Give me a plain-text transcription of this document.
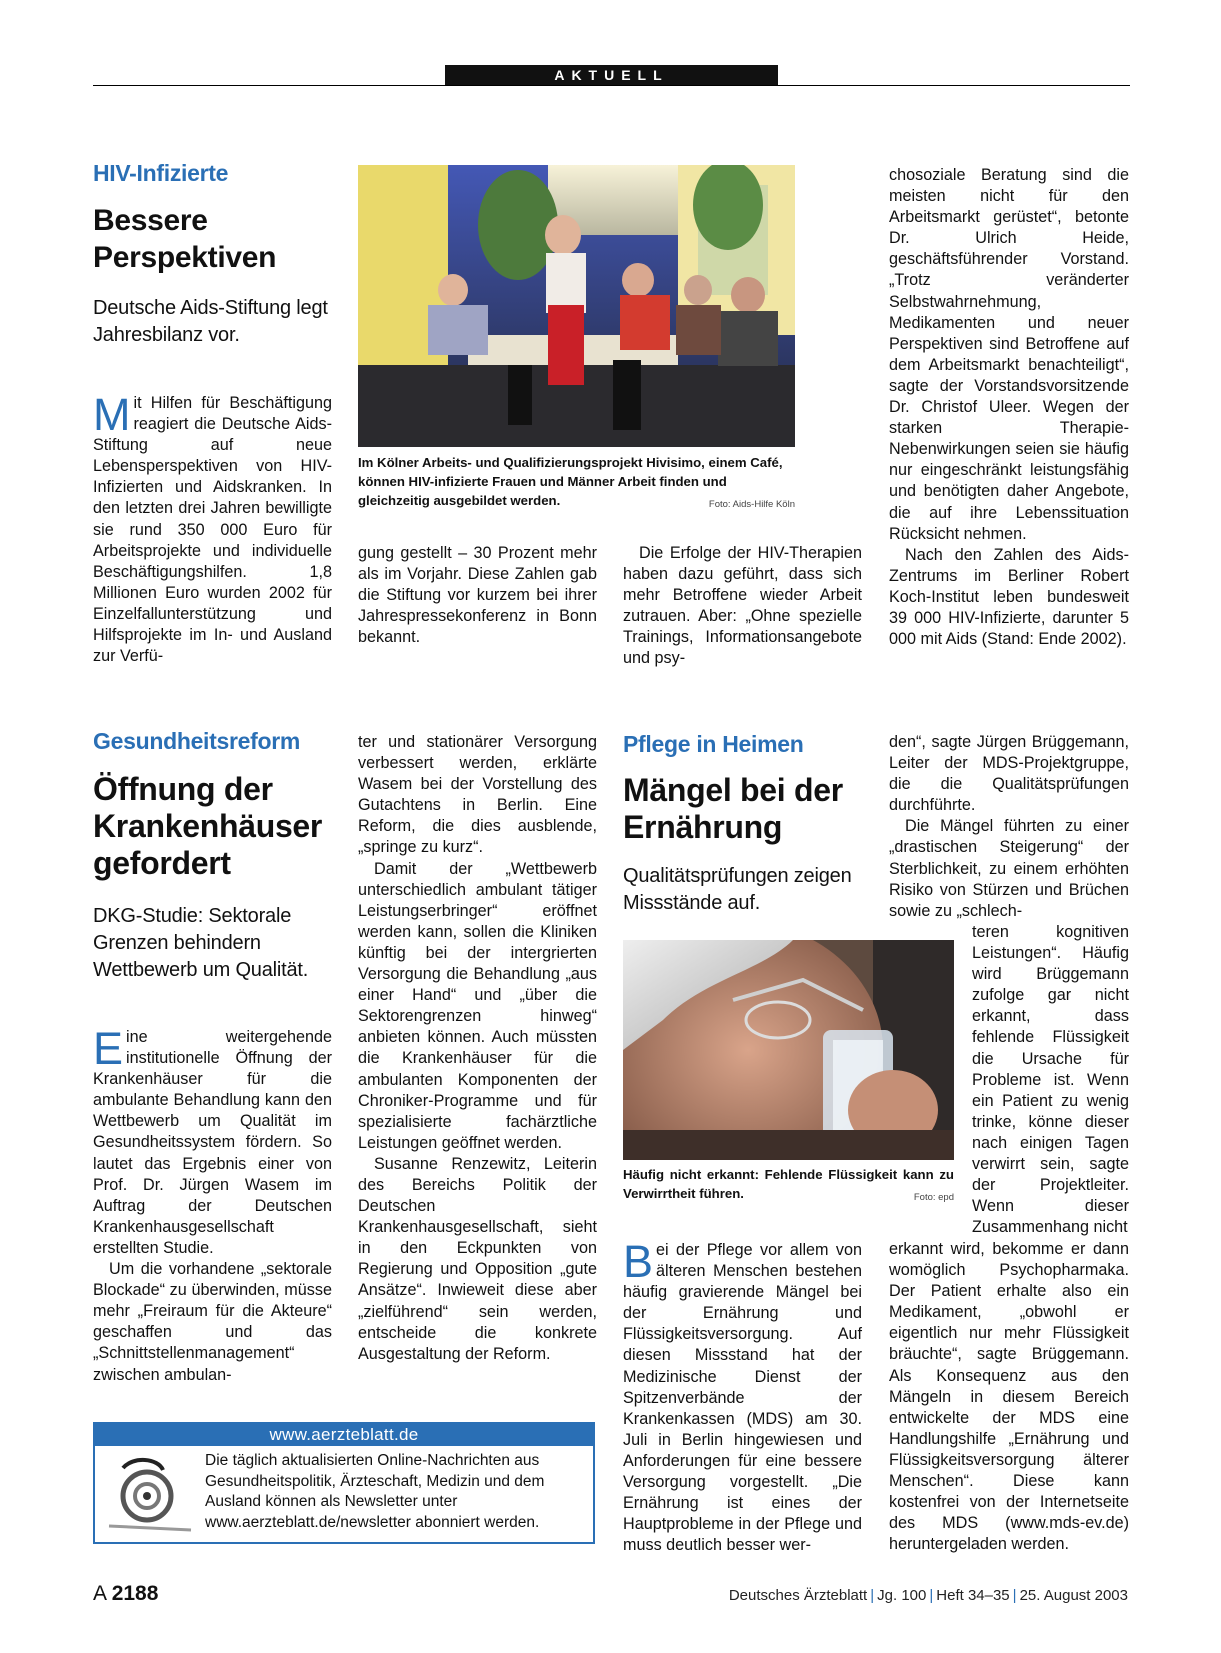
AKTUELL
HIV-Infizierte
Bessere Perspektiven
Deutsche Aids-Stiftung legt Jahresbilanz vor.

Mit Hilfen für Beschäftigung reagiert die Deutsche Aids-Stiftung auf neue Lebensperspektiven von HIV-Infizierten und Aidskranken. In den letzten drei Jahren bewilligte sie rund 350 000 Euro für Arbeitsprojekte und individuelle Beschäftigungshilfen. 1,8 Millionen Euro wurden 2002 für Einzelfallunterstützung und Hilfsprojekte im In- und Ausland zur Verfü-

Im Kölner Arbeits- und Qualifizierungsprojekt Hivisimo, einem Café, können HIV-infizierte Frauen und Männer Arbeit finden und gleichzeitig ausgebildet werden.	Foto: Aids-Hilfe Köln

gung gestellt – 30 Prozent mehr als im Vorjahr. Diese Zahlen gab die Stiftung vor kurzem bei ihrer Jahrespressekonferenz in Bonn bekannt.

Die Erfolge der HIV-Therapien haben dazu geführt, dass sich mehr Betroffene wieder Arbeit zutrauen. Aber: „Ohne spezielle Trainings, Informationsangebote und psy-

chosoziale Beratung sind die meisten nicht für den Arbeitsmarkt gerüstet“, betonte Dr. Ulrich Heide, geschäftsführender Vorstand. „Trotz veränderter Selbstwahrnehmung, Medikamenten und neuer Perspektiven sind Betroffene auf dem Arbeitsmarkt benachteiligt“, sagte der Vorstandsvorsitzende Dr. Christof Uleer. Wegen der starken Therapie-Nebenwirkungen seien sie häufig nur eingeschränkt leistungsfähig und benötigten daher Angebote, die auf ihre Lebenssituation Rücksicht nehmen.

Nach den Zahlen des Aids-Zentrums im Berliner Robert Koch-Institut leben bundesweit 39 000 HIV-Infizierte, darunter 5 000 mit Aids (Stand: Ende 2002).

Gesundheitsreform
Öffnung der Krankenhäuser gefordert
DKG-Studie: Sektorale Grenzen behindern Wettbewerb um Qualität.

Eine weitergehende institutionelle Öffnung der Krankenhäuser für die ambulante Behandlung kann den Wettbewerb um Qualität im Gesundheitssystem fördern. So lautet das Ergebnis einer von Prof. Dr. Jürgen Wasem im Auftrag der Deutschen Krankenhausgesellschaft erstellten Studie.

Um die vorhandene „sektorale Blockade“ zu überwinden, müsse mehr „Freiraum für die Akteure“ geschaffen und das „Schnittstellenmanagement“ zwischen ambulan-

ter und stationärer Versorgung verbessert werden, erklärte Wasem bei der Vorstellung des Gutachtens in Berlin. Eine Reform, die dies ausblende, „springe zu kurz“.

Damit der „Wettbewerb unterschiedlich ambulant tätiger Leistungserbringer“ eröffnet werden kann, sollen die Kliniken künftig bei der intergrierten Versorgung die Behandlung „aus einer Hand“ und „über die Sektorengrenzen hinweg“ anbieten können. Auch müssten die Krankenhäuser für die ambulanten Komponenten der Chroniker-Programme und für spezialisierte fachärztliche Leistungen geöffnet werden.

Susanne Renzewitz, Leiterin des Bereichs Politik der Deutschen Krankenhausgesellschaft, sieht in den Eckpunkten von Regierung und Opposition „gute Ansätze“. Inwieweit diese aber „zielführend“ sein werden, entscheide die konkrete Ausgestaltung der Reform.

www.aerzteblatt.de
Die täglich aktualisierten Online-Nachrichten aus Gesundheitspolitik, Ärzteschaft, Medizin und dem Ausland können als Newsletter unter www.aerzteblatt.de/newsletter abonniert werden.
Pflege in Heimen
Mängel bei der Ernährung
Qualitätsprüfungen zeigen Missstände auf.
Häufig nicht erkannt: Fehlende Flüssigkeit kann zu Verwirrtheit führen.	Foto: epd

Bei der Pflege vor allem von älteren Menschen bestehen häufig gravierende Mängel bei der Ernährung und Flüssigkeitsversorgung. Auf diesen Missstand hat der Medizinische Dienst der Spitzenverbände der Krankenkassen (MDS) am 30. Juli in Berlin hingewiesen und Anforderungen für eine bessere Versorgung vorgestellt. „Die Ernährung ist eines der Hauptprobleme in der Pflege und muss deutlich besser wer-

den“, sagte Jürgen Brüggemann, Leiter der MDS-Projektgruppe, die die Qualitätsprüfungen durchführte.

Die Mängel führten zu einer „drastischen Steigerung“ der Sterblichkeit, zu einem erhöhten Risiko von Stürzen und Brüchen sowie zu „schlech-

teren kognitiven Leistungen“. Häufig wird Brüggemann zufolge gar nicht erkannt, dass fehlende Flüssigkeit die Ursache für Probleme ist. Wenn ein Patient zu wenig trinke, könne dieser nach einigen Tagen verwirrt sein, sagte der Projektleiter. Wenn dieser Zusammenhang nicht

erkannt wird, bekomme er dann womöglich Psychopharmaka. Der Patient erhalte also ein Medikament, „obwohl er eigentlich nur mehr Flüssigkeit bräuchte“, sagte Brüggemann. Als Konsequenz aus den Mängeln in diesem Bereich entwickelte der MDS eine Handlungshilfe „Ernährung und Flüssigkeitsversorgung älterer Menschen“. Diese kann kostenfrei von der Internetseite des MDS (www.mds-ev.de) heruntergeladen werden.

A 2188	Deutsches Ärzteblatt | Jg. 100 | Heft 34–35 | 25. August 2003
